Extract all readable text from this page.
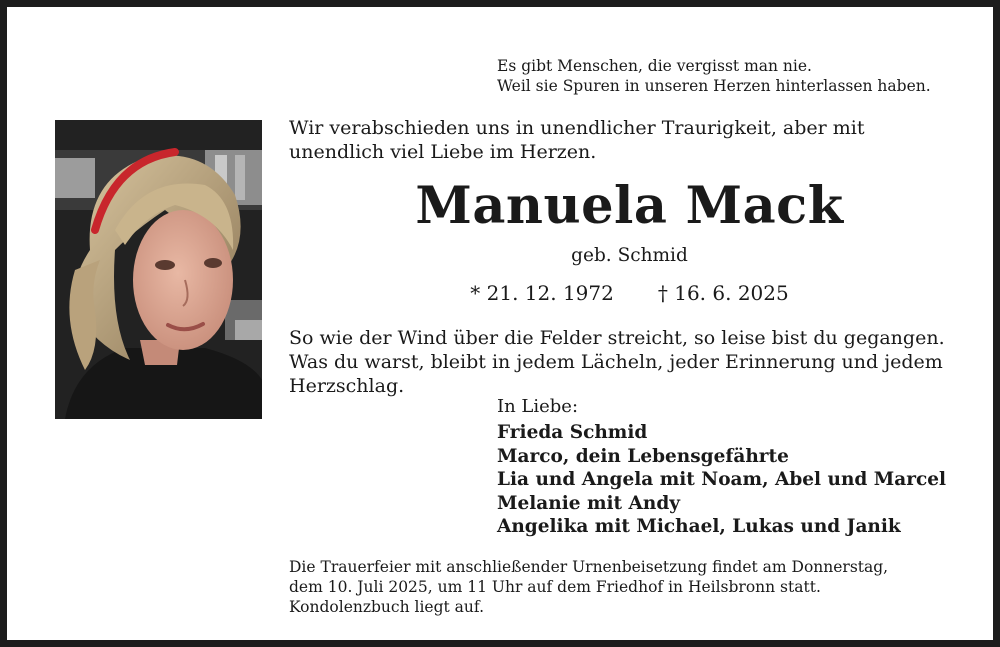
Es gibt Menschen, die vergisst man nie.
Weil sie Spuren in unseren Herzen hinterlassen haben.
Wir verabschieden uns in unendlicher Traurigkeit, aber mit
unendlich viel Liebe im Herzen.
Manuela Mack
geb. Schmid
* 21. 12. 1972 † 16. 6. 2025
So wie der Wind über die Felder streicht, so leise bist du gegangen.
Was du warst, bleibt in jedem Lächeln, jeder Erinnerung und jedem
Herzschlag.
In Liebe:
Frieda Schmid
Marco, dein Lebensgefährte
Lia und Angela mit Noam, Abel und Marcel
Melanie mit Andy
Angelika mit Michael, Lukas und Janik
Die Trauerfeier mit anschließender Urnenbeisetzung findet am Donnerstag,
dem 10. Juli 2025, um 11 Uhr auf dem Friedhof in Heilsbronn statt.
Kondolenzbuch liegt auf.
